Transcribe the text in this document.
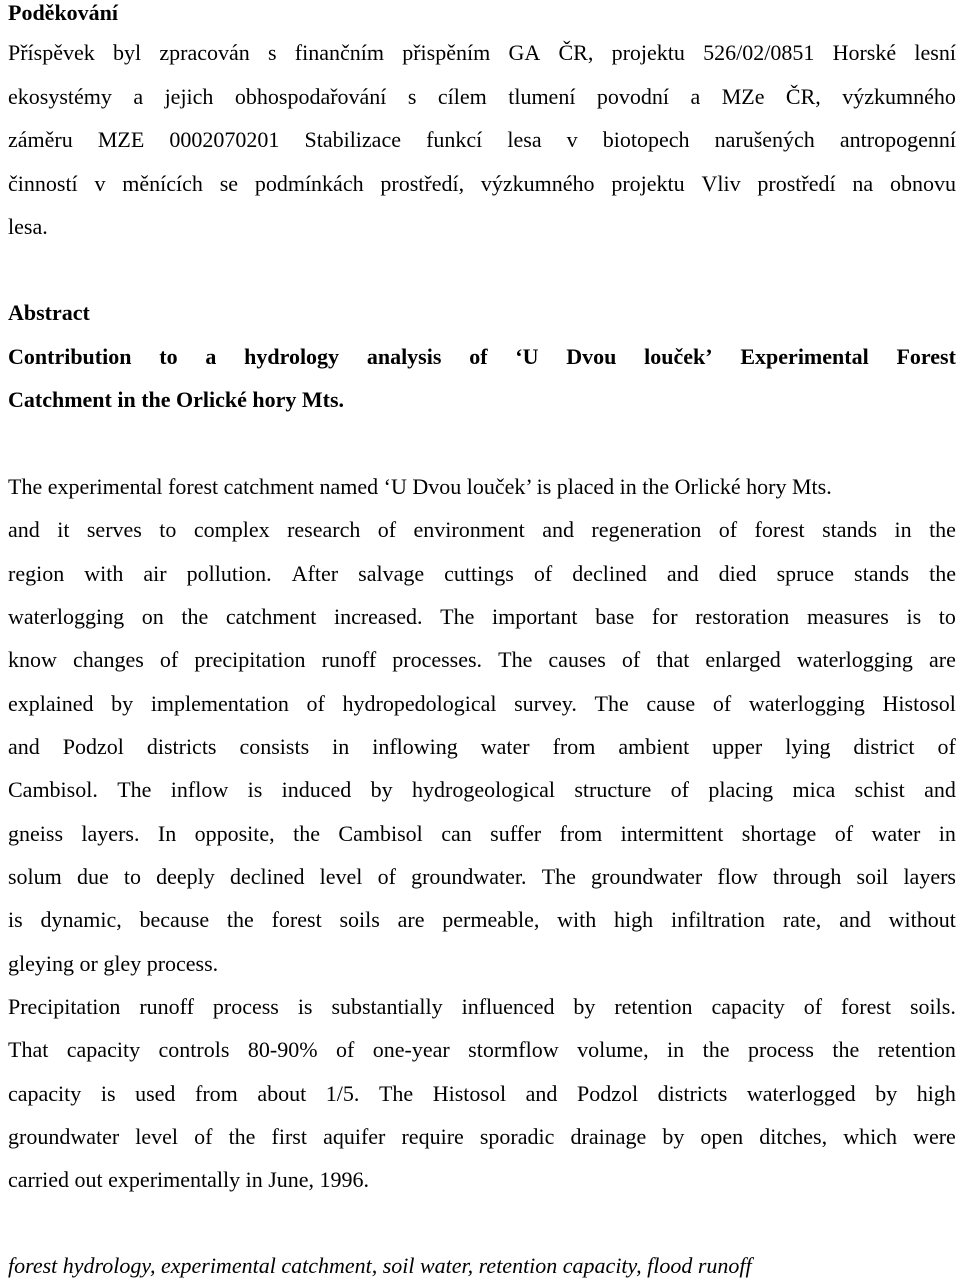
Poděkování
Příspěvek byl zpracován s finančním přispěním GA ČR, projektu 526/02/0851 Horské lesní
ekosystémy a jejich obhospodařování s cílem tlumení povodní a MZe ČR, výzkumného
záměru MZE 0002070201 Stabilizace funkcí lesa v biotopech narušených antropogenní
činností v měnících se podmínkách prostředí, výzkumného projektu Vliv prostředí na obnovu
lesa.
Abstract
Contribution to a hydrology analysis of ‘U Dvou louček’ Experimental Forest
Catchment in the Orlické hory Mts.
The experimental forest catchment named ‘U Dvou louček’ is placed in the Orlické hory Mts.
and it serves to complex research of environment and regeneration of forest stands in the
region with air pollution. After salvage cuttings of declined and died spruce stands the
waterlogging on the catchment increased. The important base for restoration measures is to
know changes of precipitation runoff processes. The causes of that enlarged waterlogging are
explained by implementation of hydropedological survey. The cause of waterlogging Histosol
and Podzol districts consists in inflowing water from ambient upper lying district of
Cambisol. The inflow is induced by hydrogeological structure of placing mica schist and
gneiss layers. In opposite, the Cambisol can suffer from intermittent shortage of water in
solum due to deeply declined level of groundwater. The groundwater flow through soil layers
is dynamic, because the forest soils are permeable, with high infiltration rate, and without
gleying or gley process.
Precipitation runoff process is substantially influenced by retention capacity of forest soils.
That capacity controls 80-90% of one-year stormflow volume, in the process the retention
capacity is used from about 1/5. The Histosol and Podzol districts waterlogged by high
groundwater level of the first aquifer require sporadic drainage by open ditches, which were
carried out experimentally in June, 1996.
forest hydrology, experimental catchment, soil water, retention capacity, flood runoff
